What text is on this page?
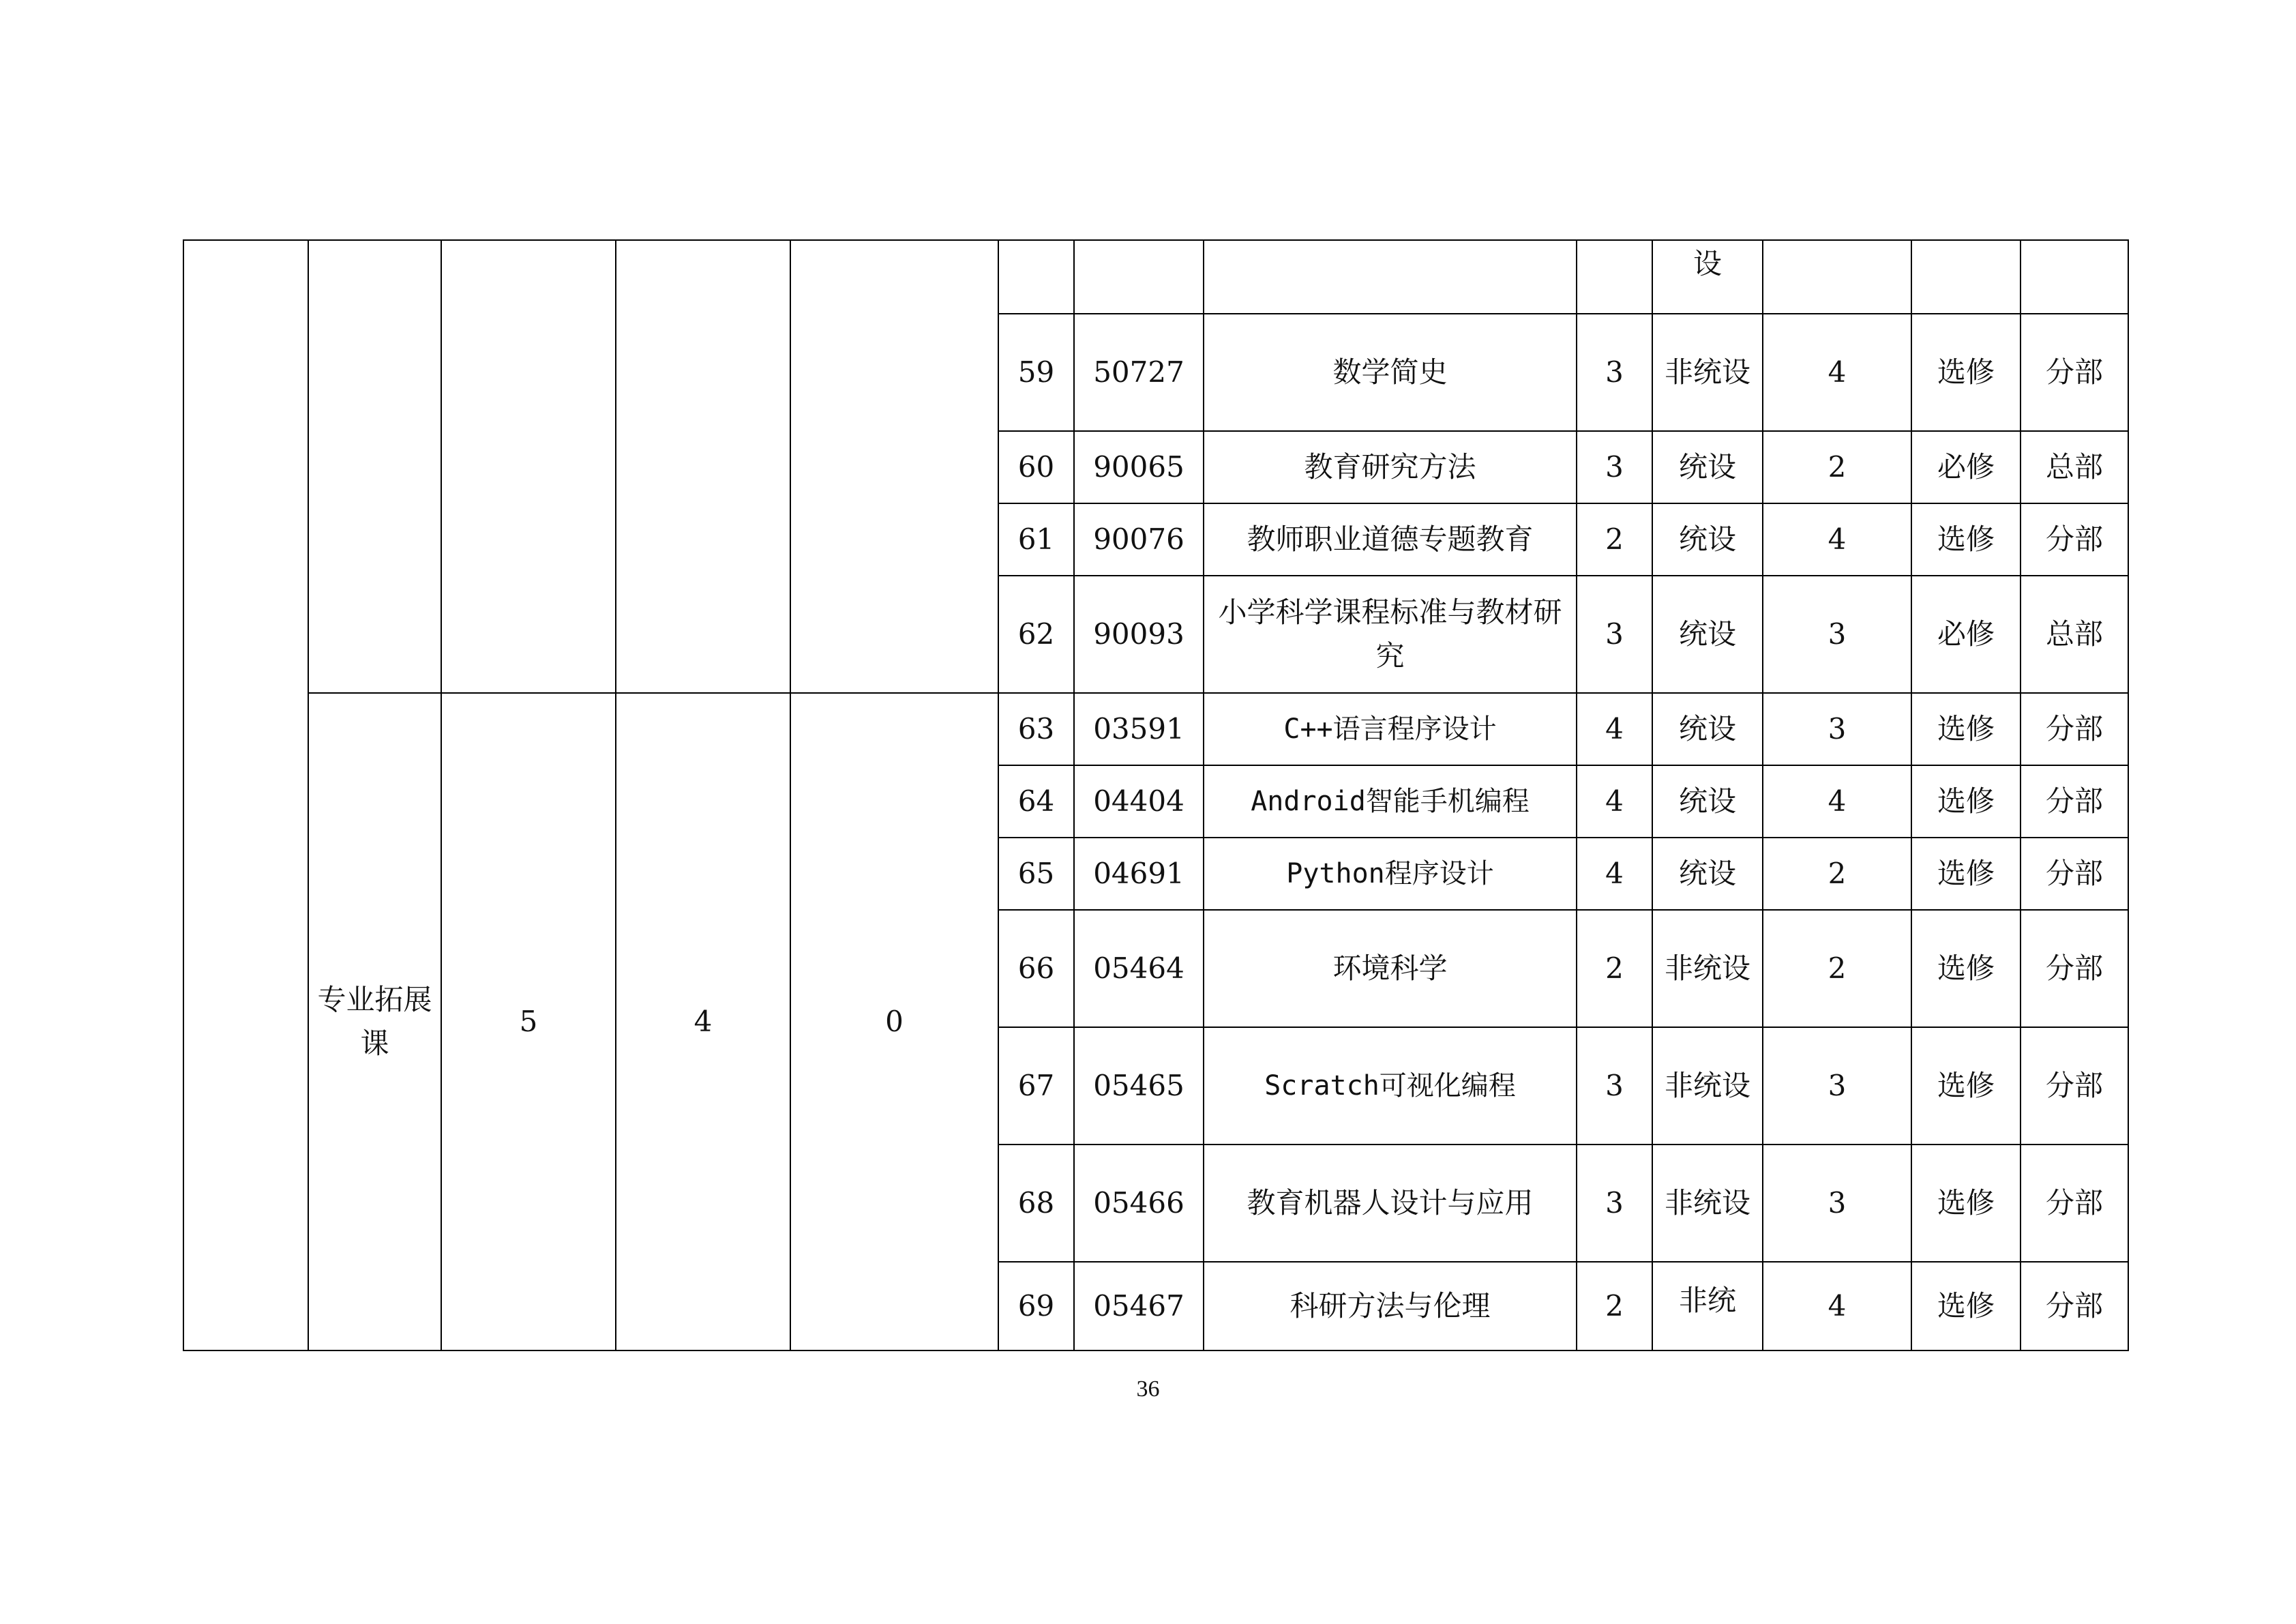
									设			
					59	50727	数学简史	3	非统设	4	选修	分部
					60	90065	教育研究方法	3	统设	2	必修	总部
					61	90076	教师职业道德专题教育	2	统设	4	选修	分部
					62	90093	小学科学课程标准与教材研究	3	统设	3	必修	总部
	专业拓展课	5	4	0	63	03591	C++语言程序设计	4	统设	3	选修	分部
					64	04404	Android智能手机编程	4	统设	4	选修	分部
					65	04691	Python程序设计	4	统设	2	选修	分部
					66	05464	环境科学	2	非统设	2	选修	分部
					67	05465	Scratch可视化编程	3	非统设	3	选修	分部
					68	05466	教育机器人设计与应用	3	非统设	3	选修	分部
					69	05467	科研方法与伦理	2	非统	4	选修	分部
36
